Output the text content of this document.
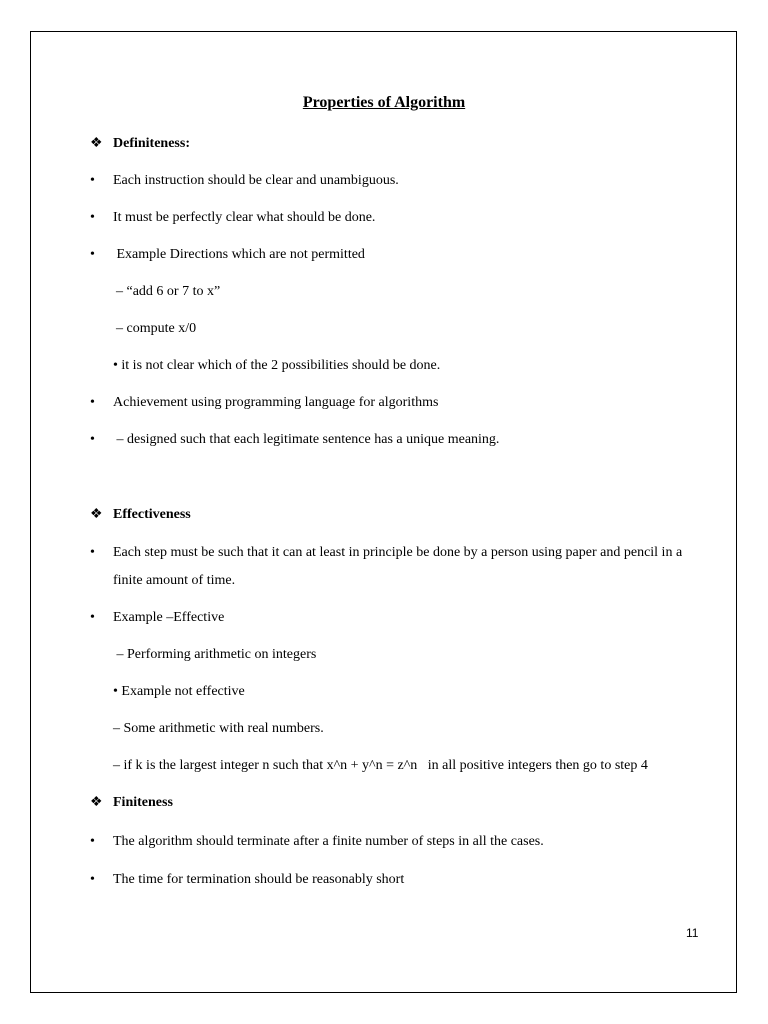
Properties of Algorithm
❖ Definiteness:
• Each instruction should be clear and unambiguous.
• It must be perfectly clear what should be done.
• Example Directions which are not permitted
– “add 6 or 7 to x”
– compute x/0
• it is not clear which of the 2 possibilities should be done.
• Achievement using programming language for algorithms
• – designed such that each legitimate sentence has a unique meaning.
❖ Effectiveness
• Each step must be such that it can at least in principle be done by a person using paper and pencil in a finite amount of time.
• Example –Effective
– Performing arithmetic on integers
• Example not effective
– Some arithmetic with real numbers.
– if k is the largest integer n such that x^n + y^n = z^n   in all positive integers then go to step 4
❖ Finiteness
• The algorithm should terminate after a finite number of steps in all the cases.
• The time for termination should be reasonably short
11
